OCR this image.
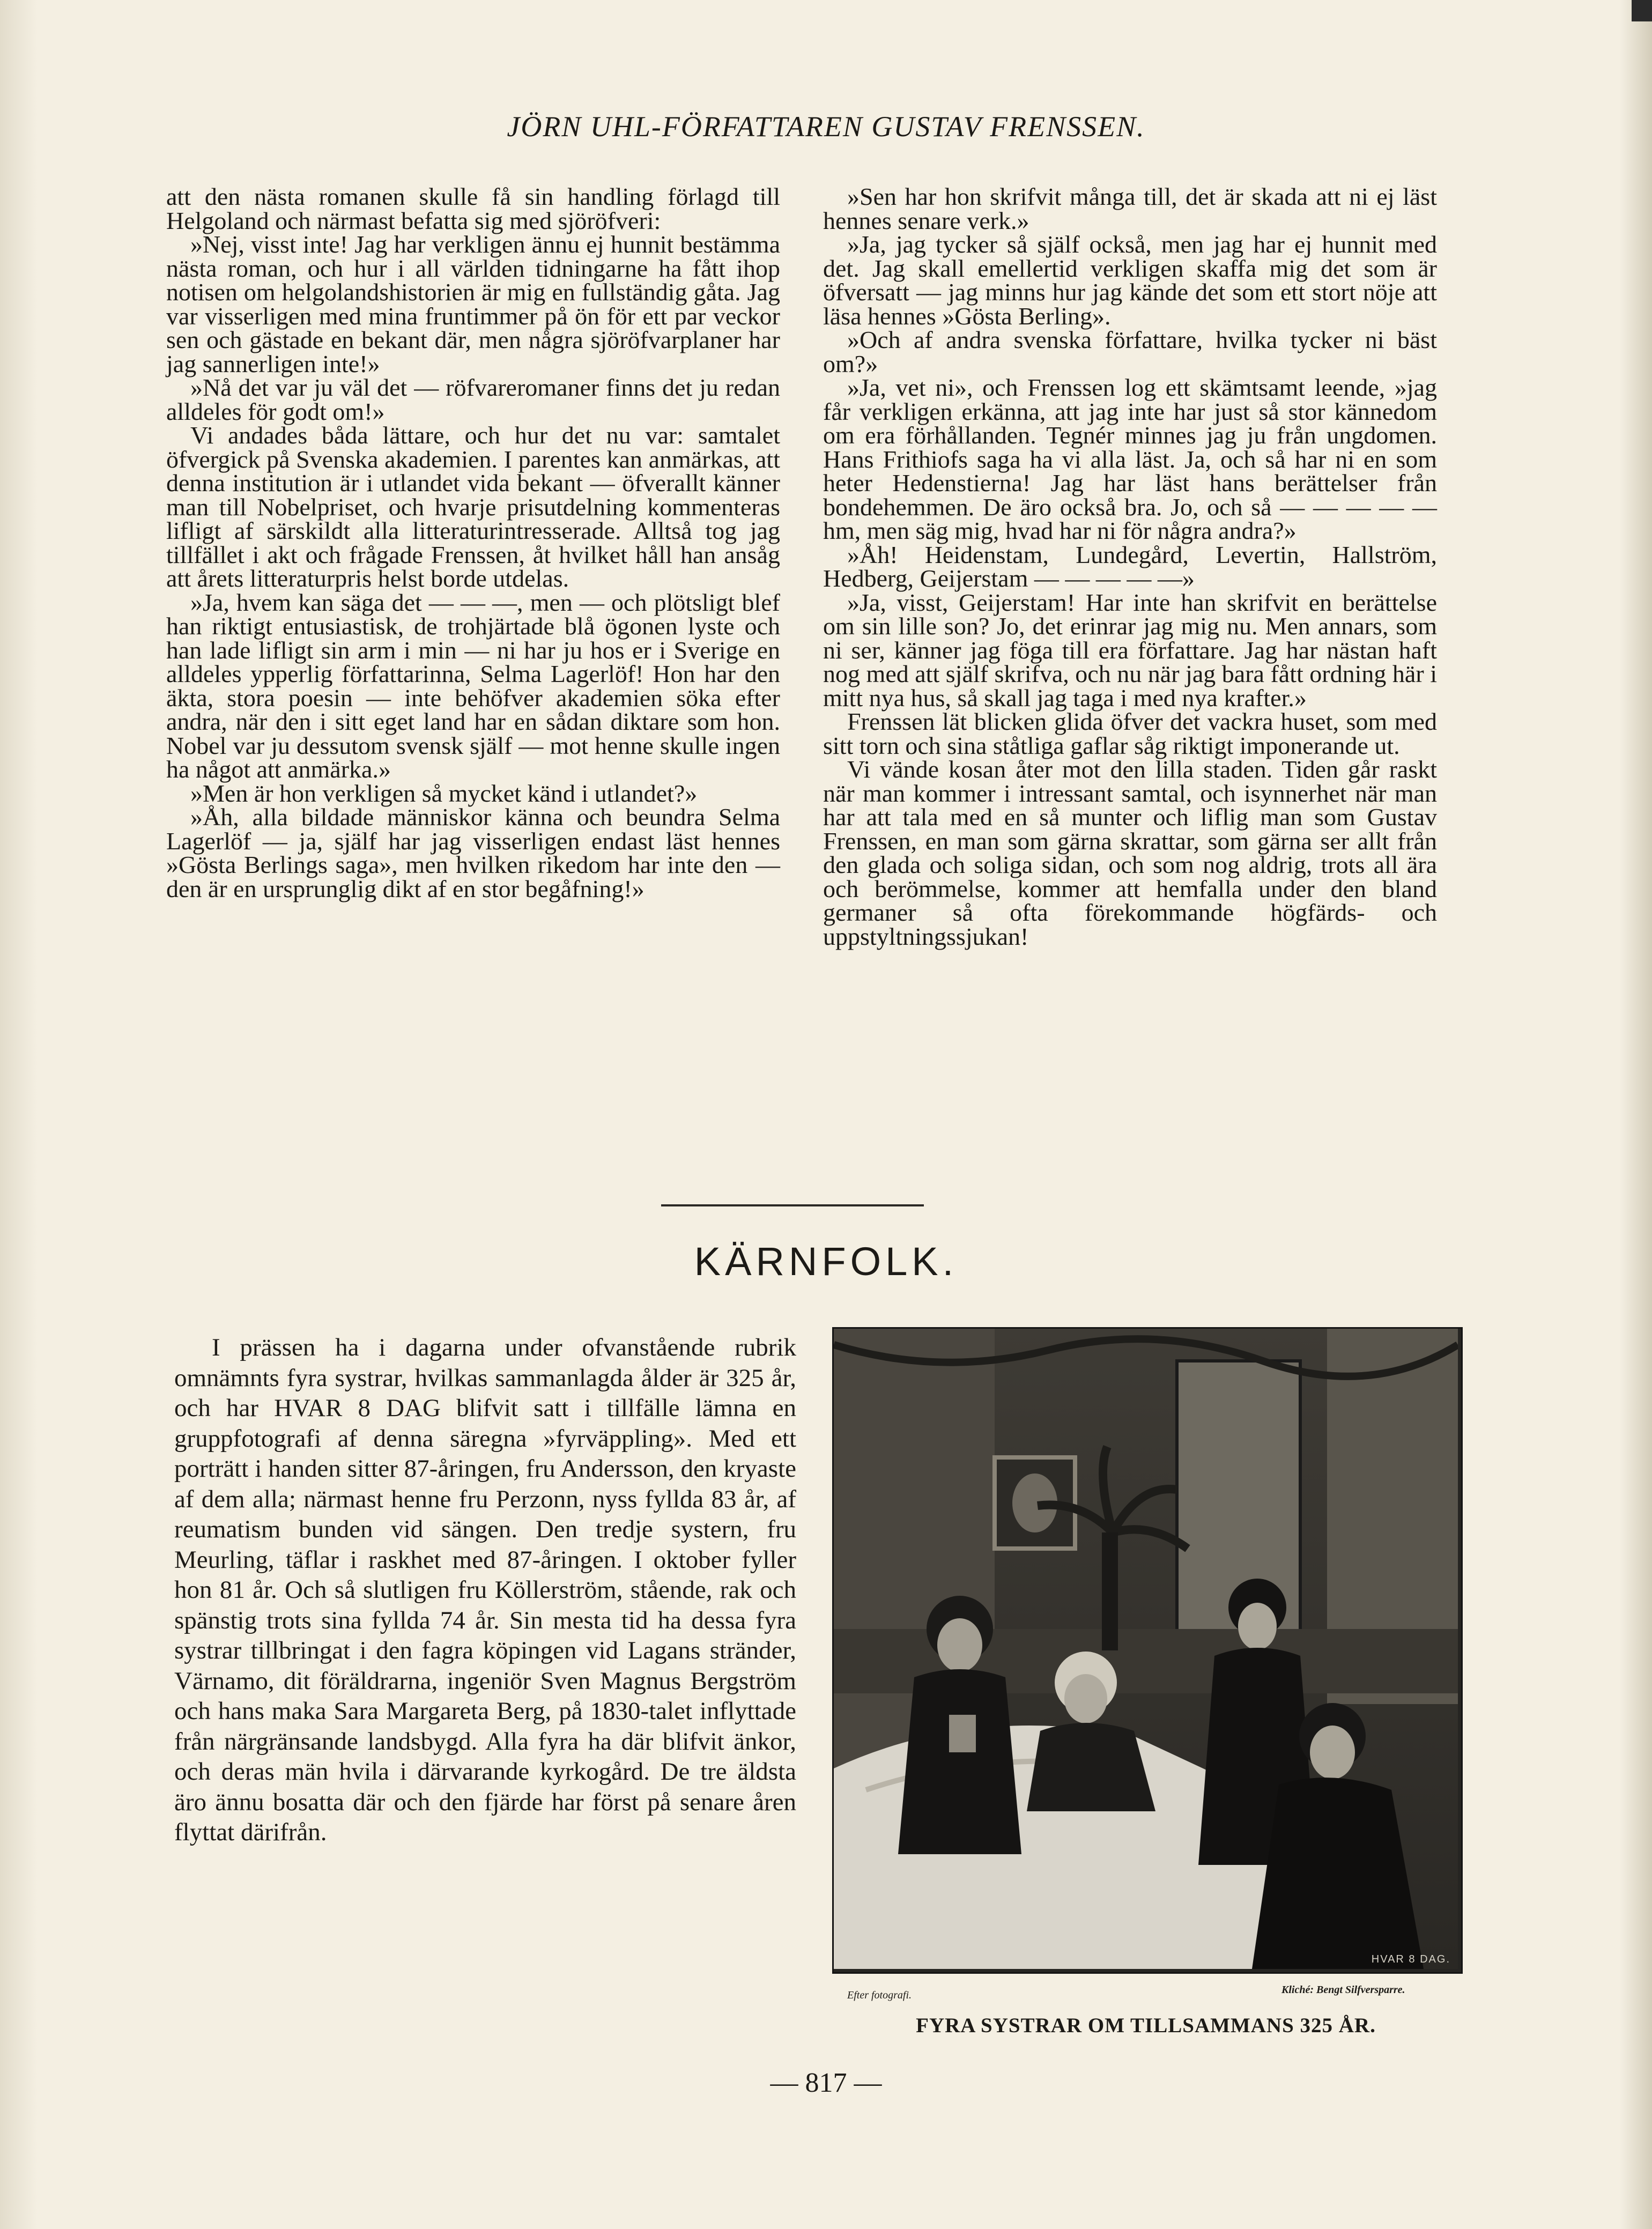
JÖRN UHL-FÖRFATTAREN GUSTAV FRENSSEN.

att den nästa romanen skulle få sin handling förlagd till Helgoland och närmast befatta sig med sjöröfveri:

»Nej, visst inte! Jag har verkligen ännu ej hunnit bestämma nästa roman, och hur i all världen tidningarne ha fått ihop notisen om helgolandshistorien är mig en fullständig gåta. Jag var visserligen med mina fruntimmer på ön för ett par veckor sen och gästade en bekant där, men några sjöröfvarplaner har jag sannerligen inte!»

»Nå det var ju väl det — röfvareromaner finns det ju redan alldeles för godt om!»

Vi andades båda lättare, och hur det nu var: samtalet öfvergick på Svenska akademien. I parentes kan anmärkas, att denna institution är i utlandet vida bekant — öfverallt känner man till Nobelpriset, och hvarje prisutdelning kommenteras lifligt af särskildt alla litteraturintresserade. Alltså tog jag tillfället i akt och frågade Frenssen, åt hvilket håll han ansåg att årets litteraturpris helst borde utdelas.

»Ja, hvem kan säga det — — —, men — och plötsligt blef han riktigt entusiastisk, de trohjärtade blå ögonen lyste och han lade lifligt sin arm i min — ni har ju hos er i Sverige en alldeles ypperlig författarinna, Selma Lagerlöf! Hon har den äkta, stora poesin — inte behöfver akademien söka efter andra, när den i sitt eget land har en sådan diktare som hon. Nobel var ju dessutom svensk själf — mot henne skulle ingen ha något att anmärka.»

»Men är hon verkligen så mycket känd i utlandet?»

»Åh, alla bildade människor känna och beundra Selma Lagerlöf — ja, själf har jag visserligen endast läst hennes »Gösta Berlings saga», men hvilken rikedom har inte den — den är en ursprunglig dikt af en stor begåfning!»

»Sen har hon skrifvit många till, det är skada att ni ej läst hennes senare verk.»

»Ja, jag tycker så själf också, men jag har ej hunnit med det. Jag skall emellertid verkligen skaffa mig det som är öfversatt — jag minns hur jag kände det som ett stort nöje att läsa hennes »Gösta Berling».

»Och af andra svenska författare, hvilka tycker ni bäst om?»

»Ja, vet ni», och Frenssen log ett skämtsamt leende, »jag får verkligen erkänna, att jag inte har just så stor kännedom om era förhållanden. Tegnér minnes jag ju från ungdomen. Hans Frithiofs saga ha vi alla läst. Ja, och så har ni en som heter Hedenstierna! Jag har läst hans berättelser från bondehemmen. De äro också bra. Jo, och så — — — — — hm, men säg mig, hvad har ni för några andra?»

»Åh! Heidenstam, Lundegård, Levertin, Hallström, Hedberg, Geijerstam — — — — —»

»Ja, visst, Geijerstam! Har inte han skrifvit en berättelse om sin lille son? Jo, det erinrar jag mig nu. Men annars, som ni ser, känner jag föga till era författare. Jag har nästan haft nog med att själf skrifva, och nu när jag bara fått ordning här i mitt nya hus, så skall jag taga i med nya krafter.»

Frenssen lät blicken glida öfver det vackra huset, som med sitt torn och sina ståtliga gaflar såg riktigt imponerande ut.

Vi vände kosan åter mot den lilla staden. Tiden går raskt när man kommer i intressant samtal, och isynnerhet när man har att tala med en så munter och liflig man som Gustav Frenssen, en man som gärna skrattar, som gärna ser allt från den glada och soliga sidan, och som nog aldrig, trots all ära och berömmelse, kommer att hemfalla under den bland germaner så ofta förekommande högfärds- och uppstyltningssjukan!

KÄRNFOLK.

I prässen ha i dagarna under ofvanstående rubrik omnämnts fyra systrar, hvilkas sammanlagda ålder är 325 år, och har HVAR 8 DAG blifvit satt i tillfälle lämna en gruppfotografi af denna säregna »fyrväppling». Med ett porträtt i handen sitter 87-åringen, fru Andersson, den kryaste af dem alla; närmast henne fru Perzonn, nyss fyllda 83 år, af reumatism bunden vid sängen. Den tredje systern, fru Meurling, täflar i raskhet med 87-åringen. I oktober fyller hon 81 år. Och så slutligen fru Köllerström, stående, rak och spänstig trots sina fyllda 74 år. Sin mesta tid ha dessa fyra systrar tillbringat i den fagra köpingen vid Lagans stränder, Värnamo, dit föräldrarna, ingeniör Sven Magnus Bergström och hans maka Sara Margareta Berg, på 1830-talet inflyttade från närgränsande landsbygd. Alla fyra ha där blifvit änkor, och deras män hvila i därvarande kyrkogård. De tre äldsta äro ännu bosatta där och den fjärde har först på senare åren flyttat därifrån.

HVAR 8 DAG.
Efter fotografi.	Kliché: Bengt Silfversparre.
FYRA SYSTRAR OM TILLSAMMANS 325 ÅR.
— 817 —
